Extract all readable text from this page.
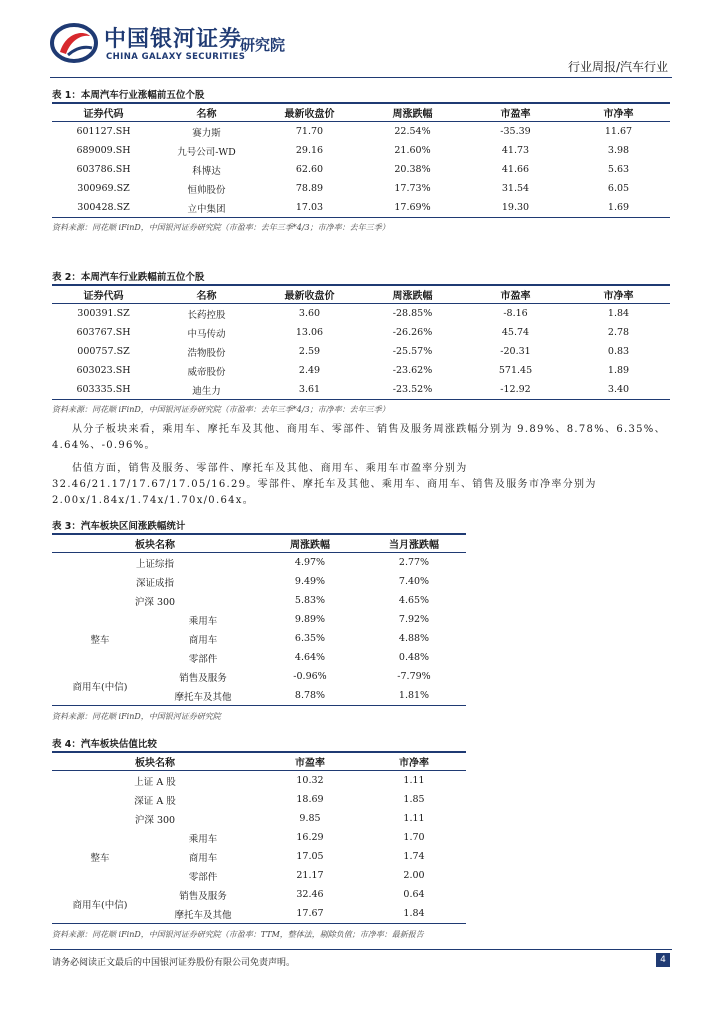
中国银河证券
CHINA GALAXY SECURITIES
研究院
行业周报/汽车行业
表 1：本周汽车行业涨幅前五位个股
证券代码	名称	最新收盘价	周涨跌幅	市盈率	市净率
601127.SH	赛力斯	71.70	22.54%	-35.39	11.67
689009.SH	九号公司-WD	29.16	21.60%	41.73	3.98
603786.SH	科博达	62.60	20.38%	41.66	5.63
300969.SZ	恒帅股份	78.89	17.73%	31.54	6.05
300428.SZ	立中集团	17.03	17.69%	19.30	1.69
资料来源：同花顺 iFinD，中国银河证券研究院（市盈率：去年三季*4/3；市净率：去年三季）
表 2：本周汽车行业跌幅前五位个股
证券代码	名称	最新收盘价	周涨跌幅	市盈率	市净率
300391.SZ	长药控股	3.60	-28.85%	-8.16	1.84
603767.SH	中马传动	13.06	-26.26%	45.74	2.78
000757.SZ	浩物股份	2.59	-25.57%	-20.31	0.83
603023.SH	威帝股份	2.49	-23.62%	571.45	1.89
603335.SH	迪生力	3.61	-23.52%	-12.92	3.40
资料来源：同花顺 iFinD，中国银河证券研究院（市盈率：去年三季*4/3；市净率：去年三季）
从分子板块来看，乘用车、摩托车及其他、商用车、零部件、销售及服务周涨跌幅分别为 9.89%、8.78%、6.35%、4.64%、-0.96%。
估值方面，销售及服务、零部件、摩托车及其他、商用车、乘用车市盈率分别为 32.46/21.17/17.67/17.05/16.29。零部件、摩托车及其他、乘用车、商用车、销售及服务市净率分别为 2.00x/1.84x/1.74x/1.70x/0.64x。
表 3：汽车板块区间涨跌幅统计
板块名称		周涨跌幅	当月涨跌幅
上证综指		4.97%	2.77%
深证成指		9.49%	7.40%
沪深 300		5.83%	4.65%
整车	乘用车	9.89%	7.92%
	商用车	6.35%	4.88%
	零部件	4.64%	0.48%
商用车(中信)	销售及服务	-0.96%	-7.79%
	摩托车及其他	8.78%	1.81%
资料来源：同花顺 iFinD，中国银河证券研究院
表 4：汽车板块估值比较
板块名称		市盈率	市净率
上证 A 股		10.32	1.11
深证 A 股		18.69	1.85
沪深 300		9.85	1.11
整车	乘用车	16.29	1.70
	商用车	17.05	1.74
	零部件	21.17	2.00
商用车(中信)	销售及服务	32.46	0.64
	摩托车及其他	17.67	1.84
资料来源：同花顺 iFinD，中国银河证券研究院（市盈率：TTM，整体法，剔除负值；市净率：最新报告
请务必阅读正文最后的中国银河证券股份有限公司免责声明。	4
